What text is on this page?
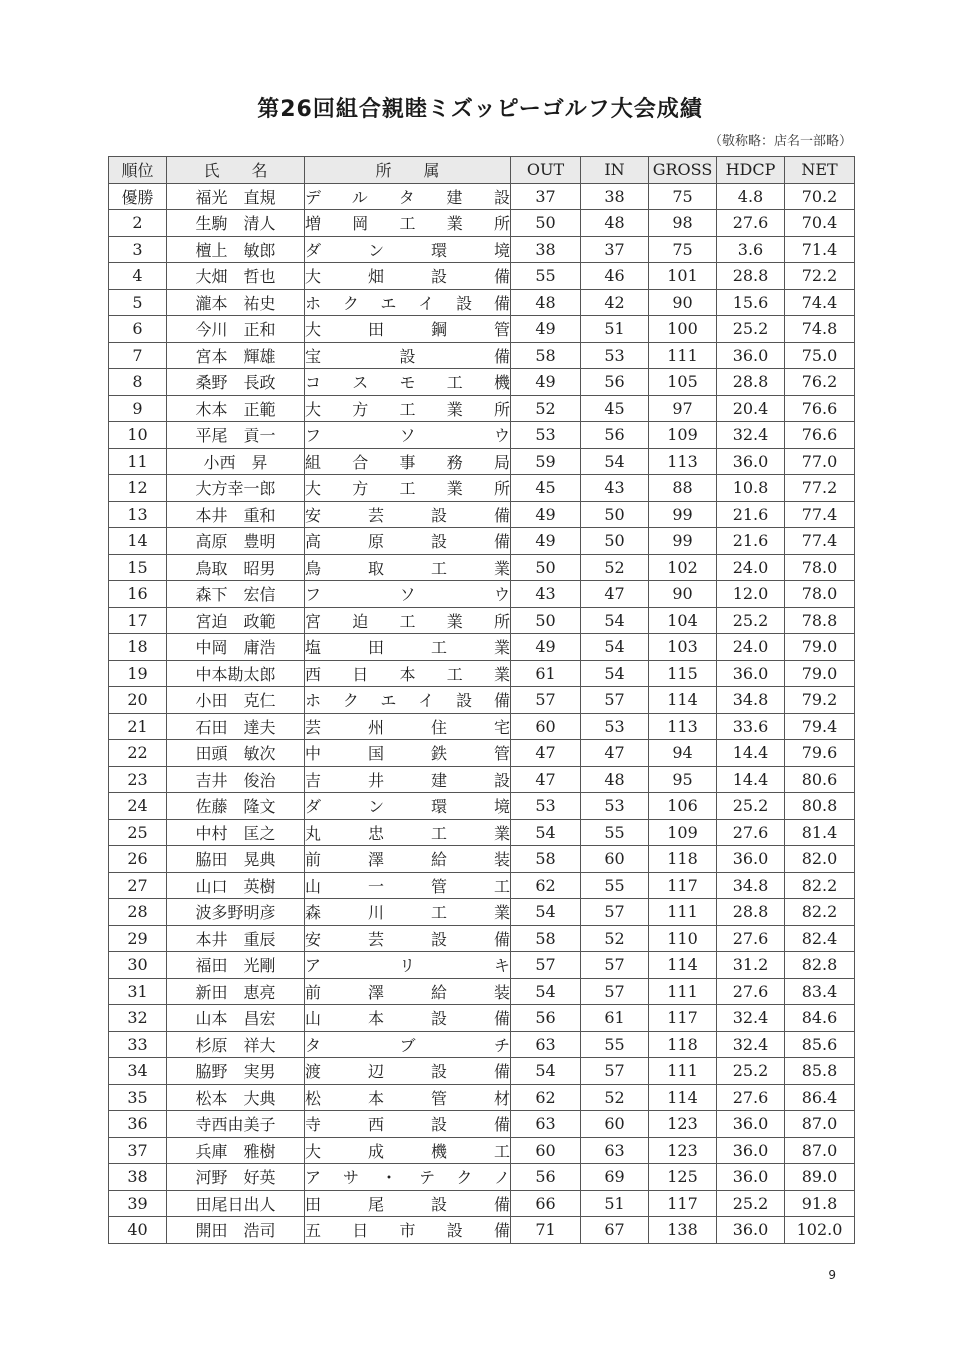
第26回組合親睦ミズッピーゴルフ大会成績
（敬称略：店名一部略）
順位	氏　　名	所　　属	OUT	IN	GROSS	HDCP	NET
優勝	福光　直規	デルタ建設	37	38	75	4.8	70.2
2	生駒　清人	増岡工業所	50	48	98	27.6	70.4
3	檀上　敏郎	ダン環境	38	37	75	3.6	71.4
4	大畑　哲也	大畑設備	55	46	101	28.8	72.2
5	瀧本　祐史	ホクエイ設備	48	42	90	15.6	74.4
6	今川　正和	大田鋼管	49	51	100	25.2	74.8
7	宮本　輝雄	宝設備	58	53	111	36.0	75.0
8	桑野　長政	コスモ工機	49	56	105	28.8	76.2
9	木本　正範	大方工業所	52	45	97	20.4	76.6
10	平尾　貢一	フソウ	53	56	109	32.4	76.6
11	小西　昇	組合事務局	59	54	113	36.0	77.0
12	大方幸一郎	大方工業所	45	43	88	10.8	77.2
13	本井　重和	安芸設備	49	50	99	21.6	77.4
14	高原　豊明	高原設備	49	50	99	21.6	77.4
15	鳥取　昭男	鳥取工業	50	52	102	24.0	78.0
16	森下　宏信	フソウ	43	47	90	12.0	78.0
17	宮迫　政範	宮迫工業所	50	54	104	25.2	78.8
18	中岡　庸浩	塩田工業	49	54	103	24.0	79.0
19	中本勘太郎	西日本工業	61	54	115	36.0	79.0
20	小田　克仁	ホクエイ設備	57	57	114	34.8	79.2
21	石田　達夫	芸州住宅	60	53	113	33.6	79.4
22	田頭　敏次	中国鉄管	47	47	94	14.4	79.6
23	吉井　俊治	吉井建設	47	48	95	14.4	80.6
24	佐藤　隆文	ダン環境	53	53	106	25.2	80.8
25	中村　匡之	丸忠工業	54	55	109	27.6	81.4
26	脇田　晃典	前澤給装	58	60	118	36.0	82.0
27	山口　英樹	山一管工	62	55	117	34.8	82.2
28	波多野明彦	森川工業	54	57	111	28.8	82.2
29	本井　重辰	安芸設備	58	52	110	27.6	82.4
30	福田　光剛	アリキ	57	57	114	31.2	82.8
31	新田　恵亮	前澤給装	54	57	111	27.6	83.4
32	山本　昌宏	山本設備	56	61	117	32.4	84.6
33	杉原　祥大	タブチ	63	55	118	32.4	85.6
34	脇野　実男	渡辺設備	54	57	111	25.2	85.8
35	松本　大典	松本管材	62	52	114	27.6	86.4
36	寺西由美子	寺西設備	63	60	123	36.0	87.0
37	兵庫　雅樹	大成機工	60	63	123	36.0	87.0
38	河野　好英	アサ・テクノ	56	69	125	36.0	89.0
39	田尾日出人	田尾設備	66	51	117	25.2	91.8
40	開田　浩司	五日市設備	71	67	138	36.0	102.0
9
